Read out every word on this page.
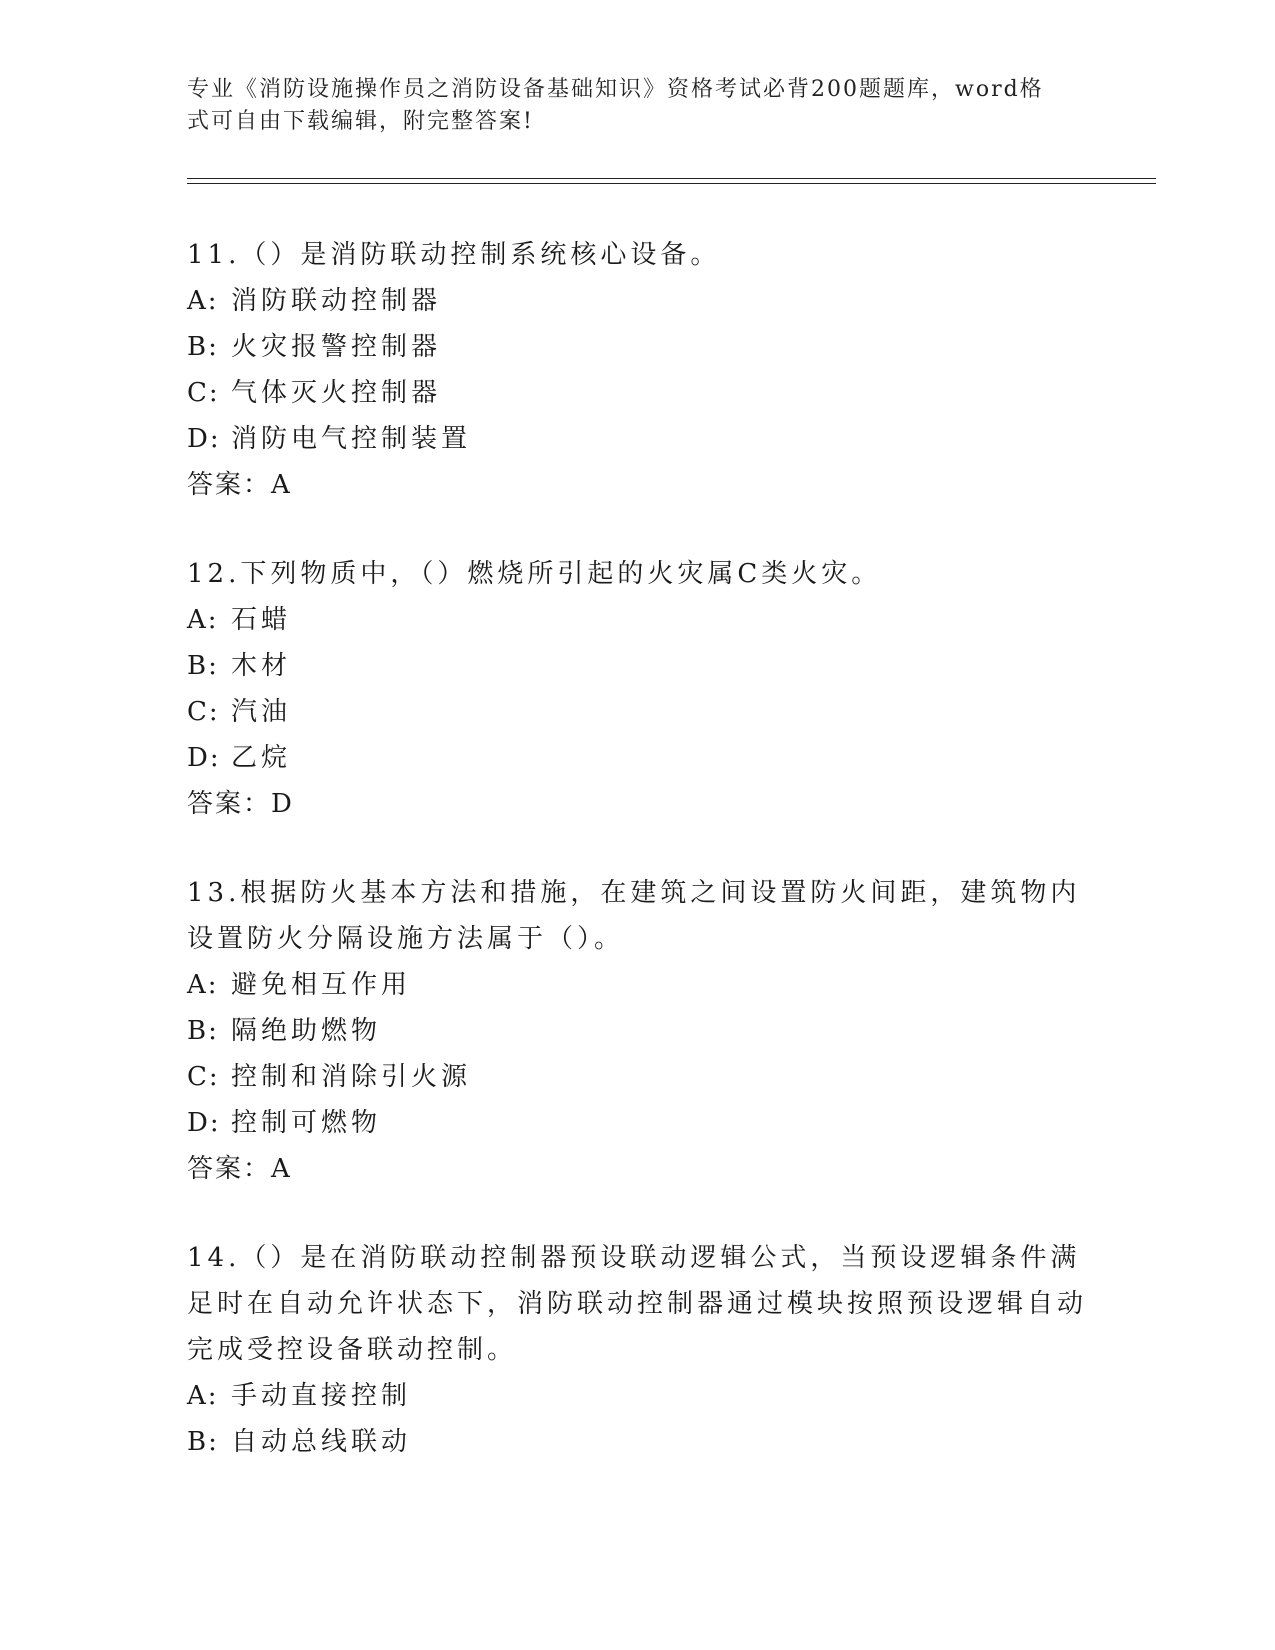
专业《消防设施操作员之消防设备基础知识》资格考试必背200题题库，word格式可自由下载编辑，附完整答案!

11.（）是消防联动控制系统核心设备。

A: 消防联动控制器

B: 火灾报警控制器

C: 气体灭火控制器

D: 消防电气控制装置

答案：A

12.下列物质中，（）燃烧所引起的火灾属C类火灾。

A: 石蜡

B: 木材

C: 汽油

D: 乙烷

答案：D

13.根据防火基本方法和措施，在建筑之间设置防火间距，建筑物内设置防火分隔设施方法属于（）。

A: 避免相互作用

B: 隔绝助燃物

C: 控制和消除引火源

D: 控制可燃物

答案：A

14.（）是在消防联动控制器预设联动逻辑公式，当预设逻辑条件满足时在自动允许状态下，消防联动控制器通过模块按照预设逻辑自动完成受控设备联动控制。

A: 手动直接控制

B: 自动总线联动
